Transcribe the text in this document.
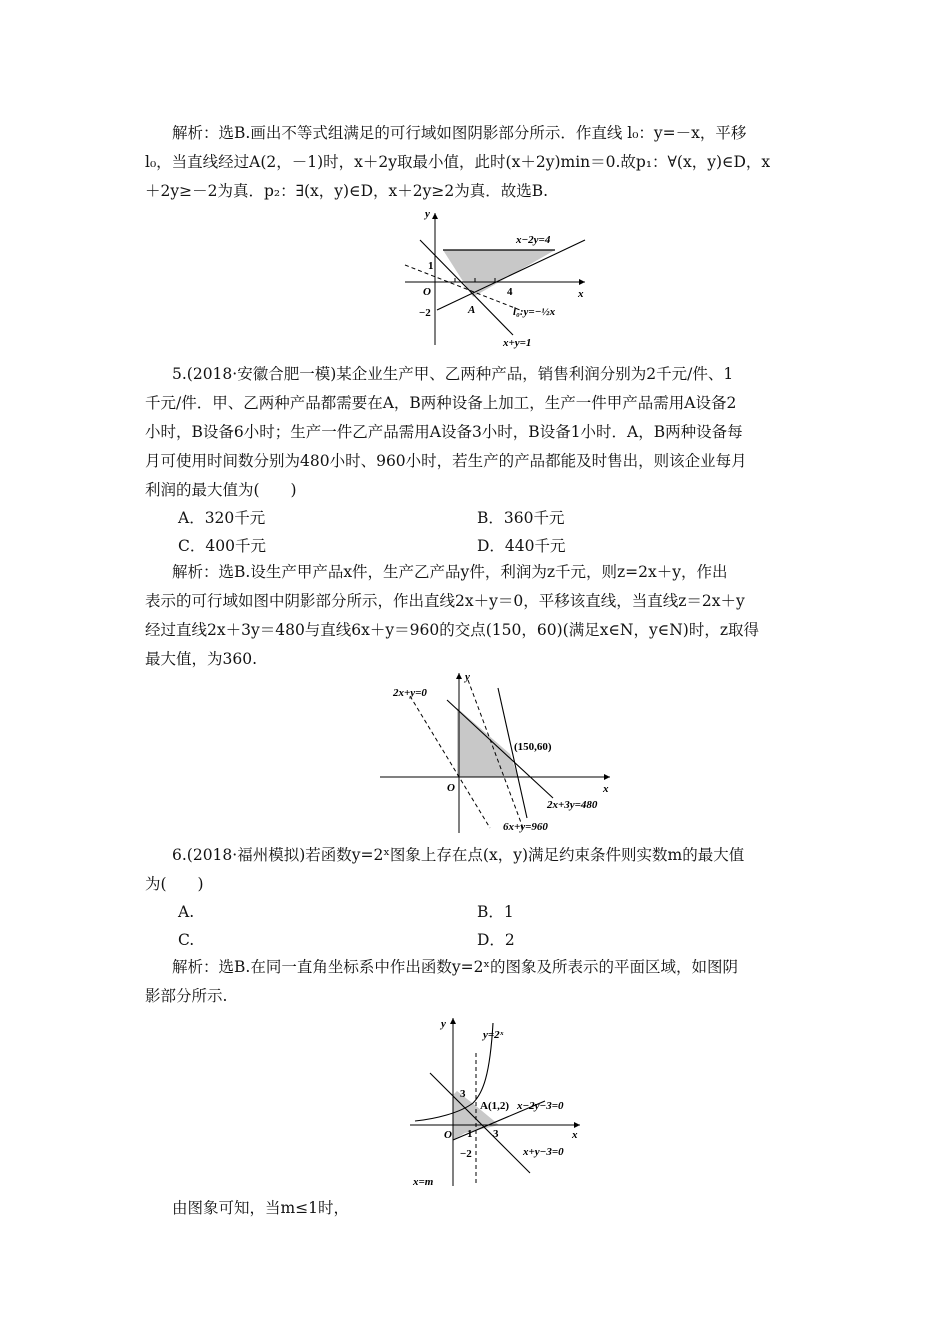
解析：选B.画出不等式组满足的可行域如图阴影部分所示．作直线 l₀：y=－x，平移
l₀，当直线经过A(2，－1)时，x＋2y取最小值，此时(x＋2y)min＝0.故p₁：∀(x，y)∈D，x
＋2y≥－2为真．p₂：∃(x，y)∈D，x＋2y≥2为真．故选B.
y
x
O
1
4
−2	A
x−2y=4
l₀:y=−½x
x+y=1
5.(2018·安徽合肥一模)某企业生产甲、乙两种产品，销售利润分别为2千元/件、1
千元/件．甲、乙两种产品都需要在A，B两种设备上加工，生产一件甲产品需用A设备2
小时，B设备6小时；生产一件乙产品需用A设备3小时，B设备1小时．A，B两种设备每
月可使用时间数分别为480小时、960小时，若生产的产品都能及时售出，则该企业每月
利润的最大值为(　　)
A．320千元	B．360千元
C．400千元	D．440千元
解析：选B.设生产甲产品x件，生产乙产品y件，利润为z千元，则z=2x＋y，作出
表示的可行域如图中阴影部分所示，作出直线2x＋y＝0，平移该直线，当直线z＝2x＋y
经过直线2x＋3y＝480与直线6x＋y＝960的交点(150，60)(满足x∈N，y∈N)时，z取得
最大值，为360.
y
x
O
2x+y=0
(150,60)
2x+3y=480
6x+y=960
6.(2018·福州模拟)若函数y=2ˣ图象上存在点(x，y)满足约束条件则实数m的最大值
为(　　)
A.	B．1
C.	D．2
解析：选B.在同一直角坐标系中作出函数y=2ˣ的图象及所表示的平面区域，如图阴
影部分所示.
y
x
O
y=2ˣ
3
1 3
−2
A(1,2) x−2y−3=0
x+y−3=0
x=m
由图象可知，当m≤1时，
